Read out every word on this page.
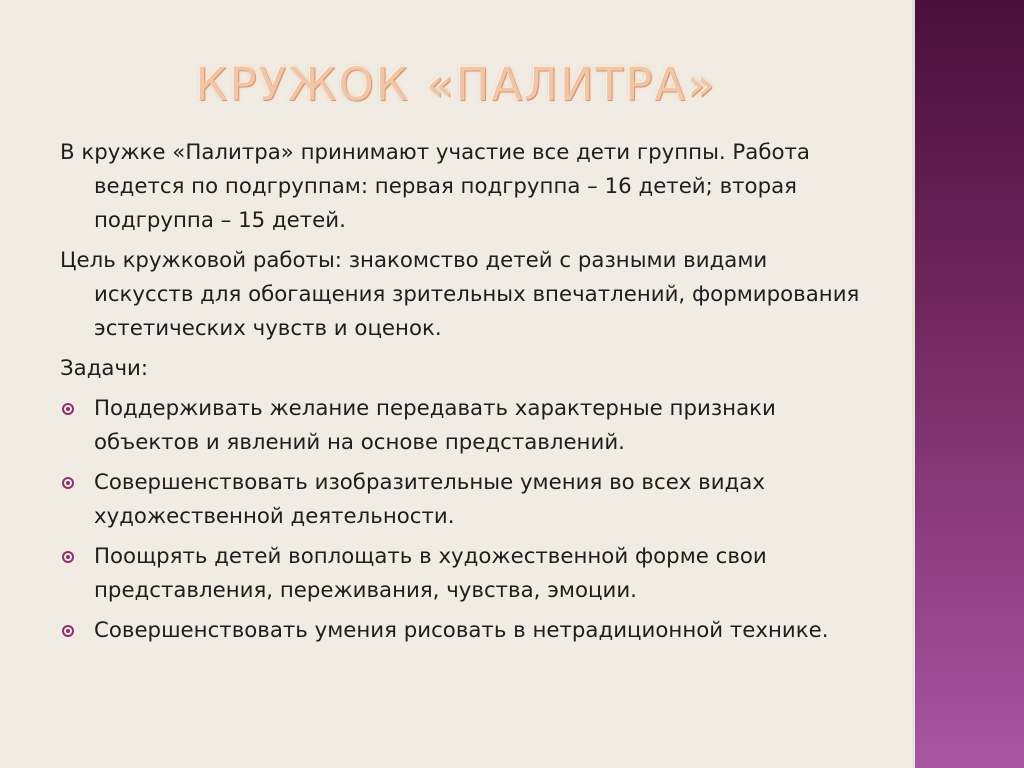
КРУЖОК «ПАЛИТРА»

В кружке «Палитра» принимают участие все дети группы. Работа ведется по подгруппам: первая подгруппа – 16 детей; вторая подгруппа – 15 детей.

Цель кружковой работы: знакомство детей с разными видами искусств для обогащения зрительных впечатлений, формирования эстетических чувств и оценок.

Задачи:

Поддерживать желание передавать характерные признаки объектов и явлений на основе представлений.
Совершенствовать изобразительные умения во всех видах художественной деятельности.
Поощрять детей воплощать в художественной форме свои представления, переживания, чувства, эмоции.
Совершенствовать умения рисовать в нетрадиционной технике.
